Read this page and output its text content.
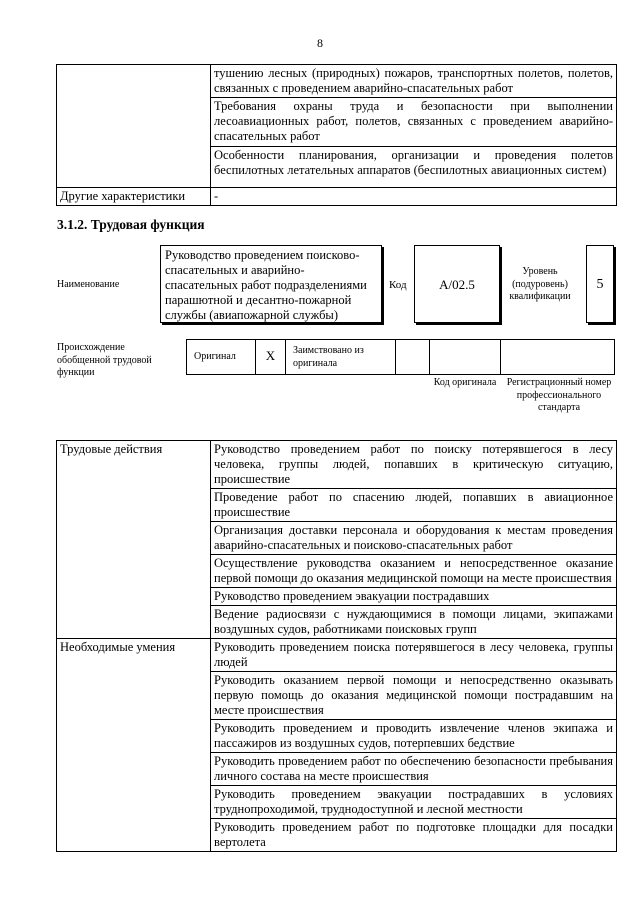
8
	тушению лесных (природных) пожаров, транспортных полетов, полетов, связанных с проведением аварийно-спасательных работ
	Требования охраны труда и безопасности при выполнении лесоавиационных работ, полетов, связанных с проведением аварийно-спасательных работ
	Особенности планирования, организации и проведения полетов беспилотных летательных аппаратов (беспилотных авиационных систем)
Другие характеристики	-
3.1.2. Трудовая функция
Наименование
Руководство проведением поисково-спасательных и аварийно-спасательных работ подразделениями парашютной и десантно-пожарной службы (авиапожарной службы)
Код	А/02.5
Уровень (подуровень) квалификации
5
Происхождение обобщенной трудовой функции
Оригинал	X	Заимствовано из оригинала
Код оригинала	Регистрационный номер профессионального стандарта
Трудовые действия	Руководство проведением работ по поиску потерявшегося в лесу человека, группы людей, попавших в критическую ситуацию, происшествие
	Проведение работ по спасению людей, попавших в авиационное происшествие
	Организация доставки персонала и оборудования к местам проведения аварийно-спасательных и поисково-спасательных работ
	Осуществление руководства оказанием и непосредственное оказание первой помощи до оказания медицинской помощи на месте происшествия
	Руководство проведением эвакуации пострадавших
	Ведение радиосвязи с нуждающимися в помощи лицами, экипажами воздушных судов, работниками поисковых групп
Необходимые умения	Руководить проведением поиска потерявшегося в лесу человека, группы людей
	Руководить оказанием первой помощи и непосредственно оказывать первую помощь до оказания медицинской помощи пострадавшим на месте происшествия
	Руководить проведением и проводить извлечение членов экипажа и пассажиров из воздушных судов, потерпевших бедствие
	Руководить проведением работ по обеспечению безопасности пребывания личного состава на месте происшествия
	Руководить проведением эвакуации пострадавших в условиях труднопроходимой, труднодоступной и лесной местности
	Руководить проведением работ по подготовке площадки для посадки вертолета
